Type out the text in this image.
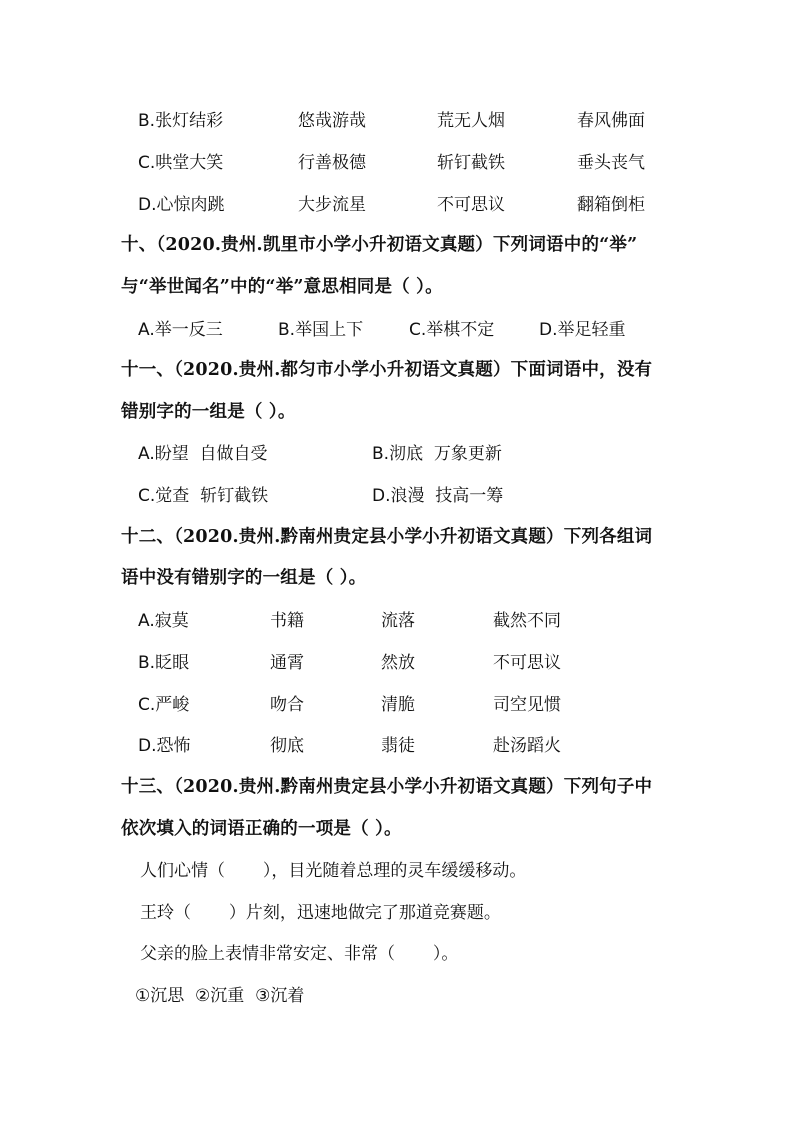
B.张灯结彩	悠哉游哉	荒无人烟	春风佛面
C.哄堂大笑	行善极德	斩钉截铁	垂头丧气
D.心惊肉跳	大步流星	不可思议	翻箱倒柜
十、（2020.贵州.凯里市小学小升初语文真题）下列词语中的“举”
与“举世闻名”中的“举”意思相同是（ ）。
A.举一反三	B.举国上下	C.举棋不定	D.举足轻重
十一、（2020.贵州.都匀市小学小升初语文真题）下面词语中，没有
错别字的一组是（ ）。
A.盼望  自做自受	B.沏底  万象更新
C.觉查  斩钉截铁	D.浪漫  技高一筹
十二、（2020.贵州.黔南州贵定县小学小升初语文真题）下列各组词
语中没有错别字的一组是（ ）。
A.寂莫	书籍	流落	截然不同
B.眨眼	通霄	然放	不可思议
C.严峻	吻合	清脆	司空见惯
D.恐怖	彻底	翡徒	赴汤蹈火
十三、（2020.贵州.黔南州贵定县小学小升初语文真题）下列句子中
依次填入的词语正确的一项是（ ）。
人们心情（       ），目光随着总理的灵车缓缓移动。
王玲（       ）片刻，迅速地做完了那道竞赛题。
父亲的脸上表情非常安定、非常（       ）。
①沉思  ②沉重  ③沉着
